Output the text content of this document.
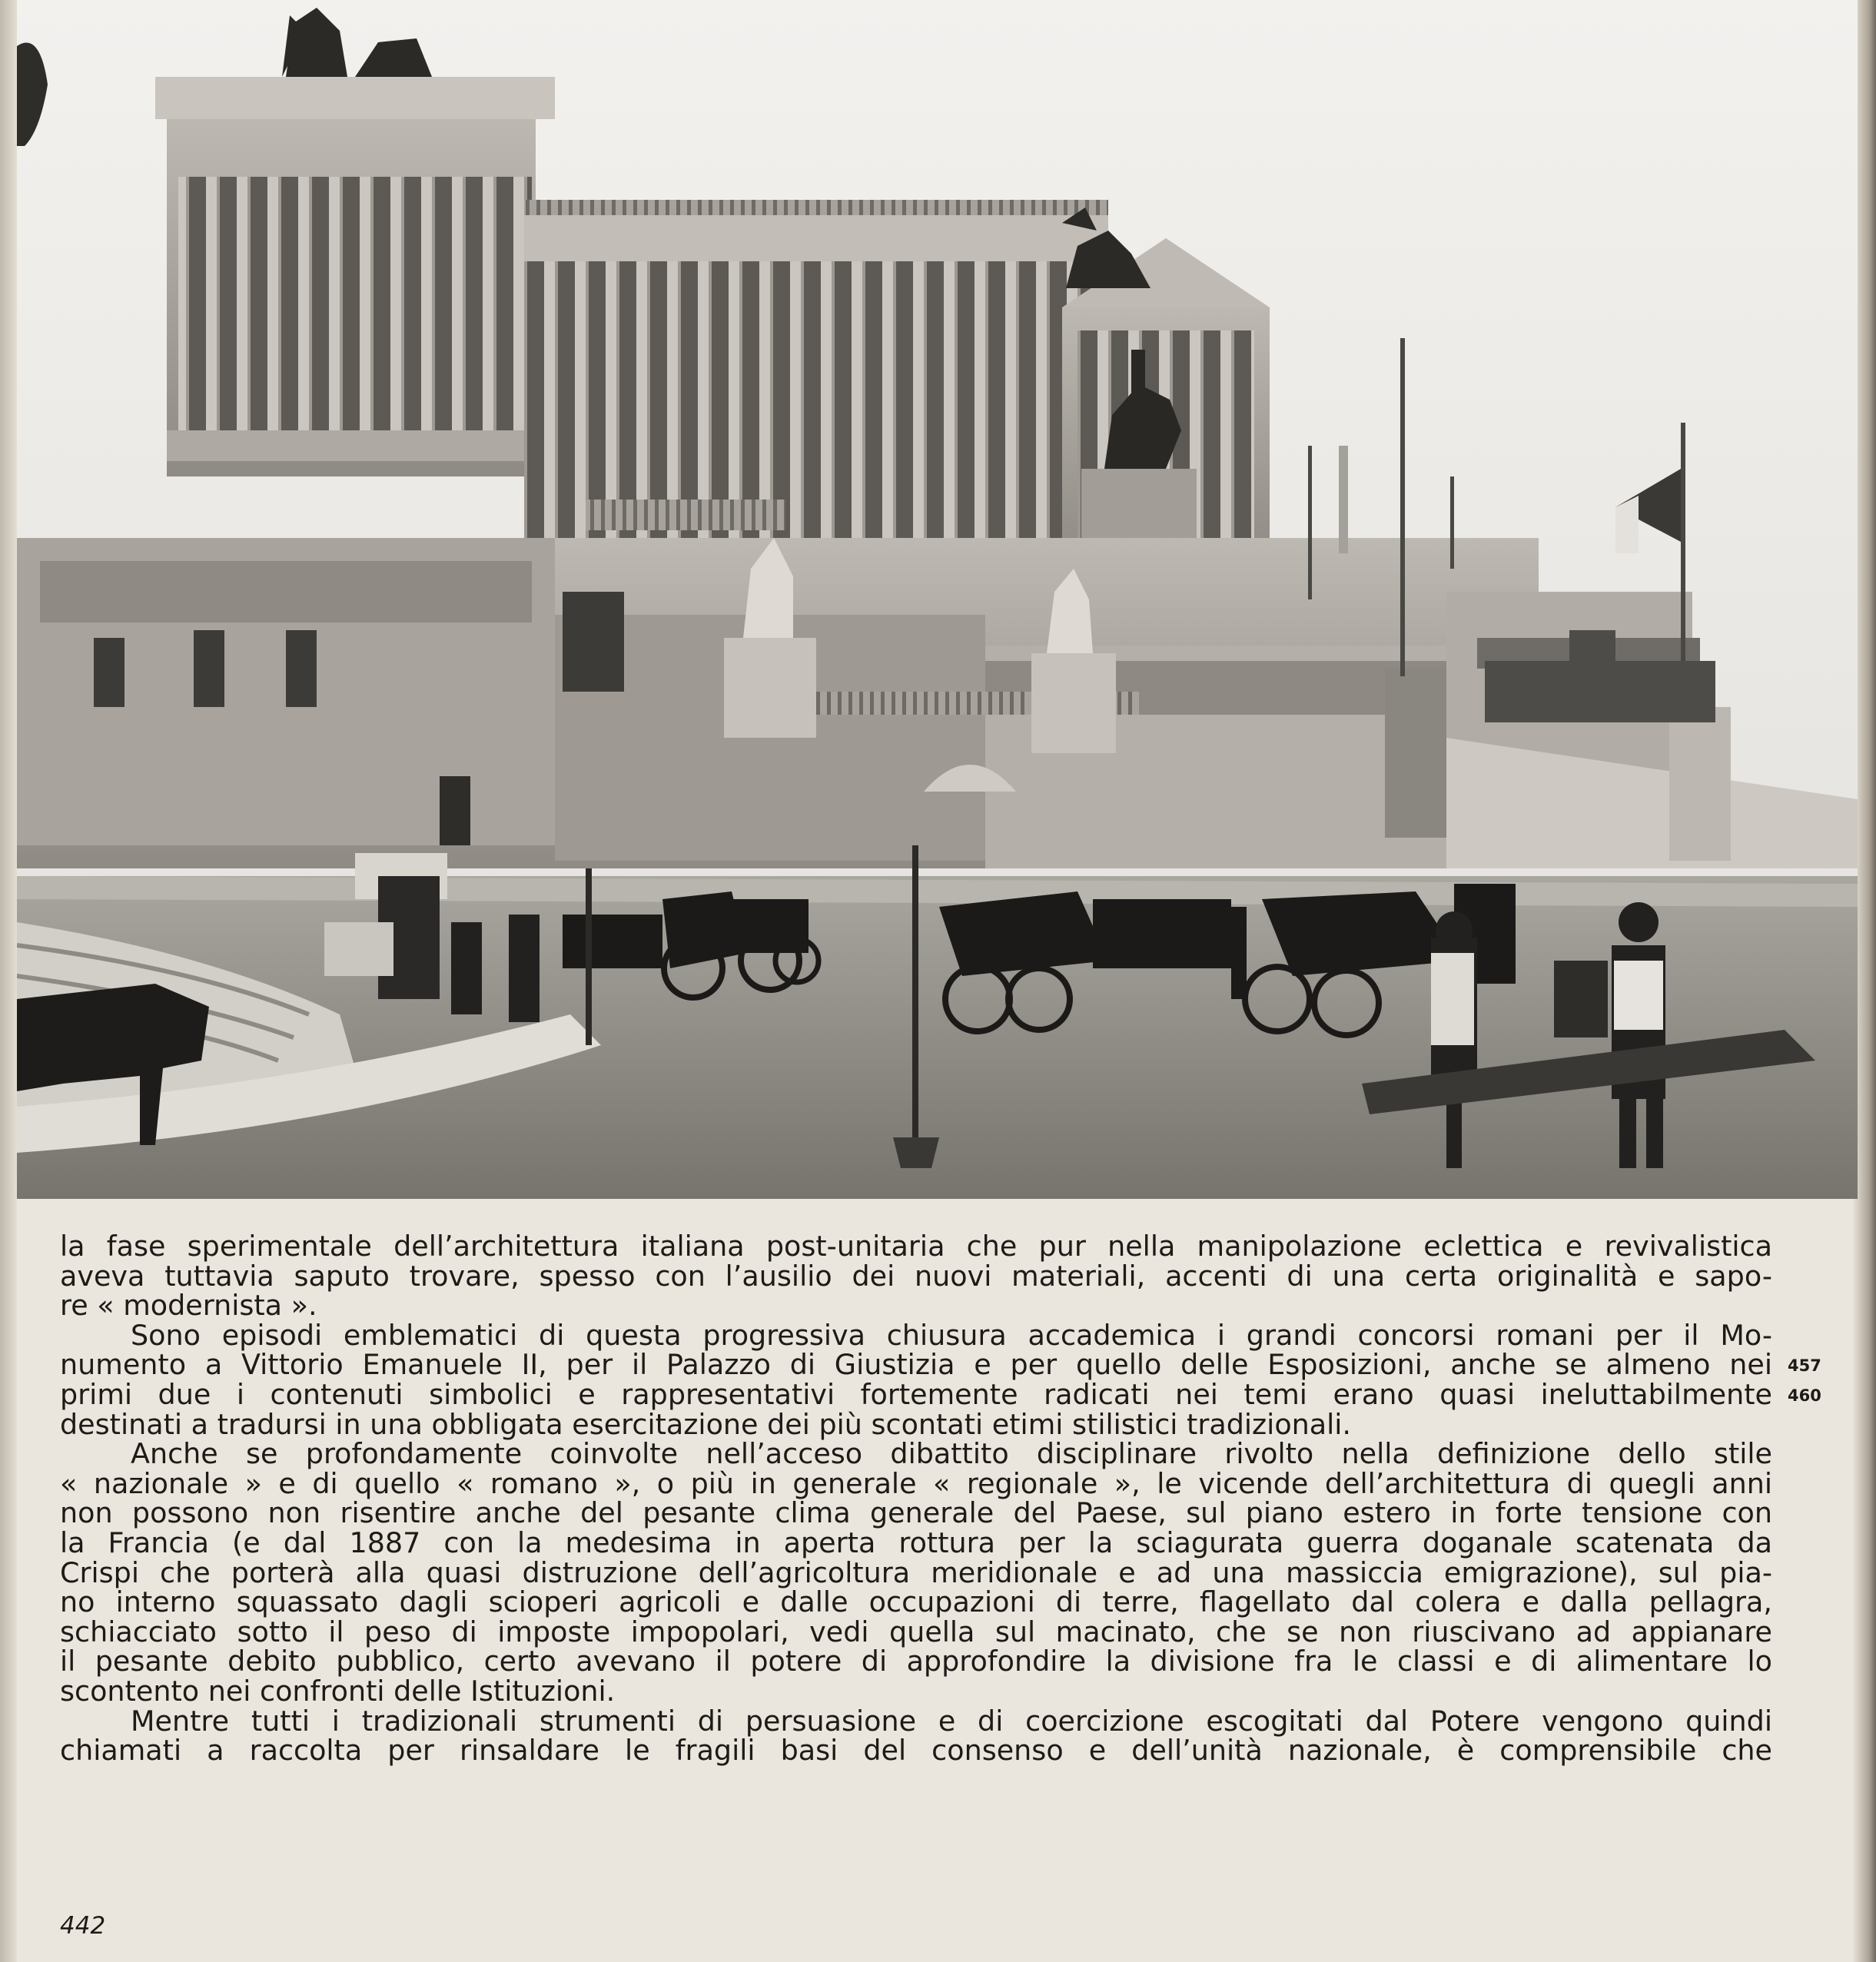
la fase sperimentale dell’architettura italiana post-unitaria che pur nella manipolazione eclettica e revivalistica
aveva tuttavia saputo trovare, spesso con l’ausilio dei nuovi materiali, accenti di una certa originalità e sapo-
re « modernista ».
Sono episodi emblematici di questa progressiva chiusura accademica i grandi concorsi romani per il Mo-
numento a Vittorio Emanuele II, per il Palazzo di Giustizia e per quello delle Esposizioni, anche se almeno nei
primi due i contenuti simbolici e rappresentativi fortemente radicati nei temi erano quasi ineluttabilmente
destinati a tradursi in una obbligata esercitazione dei più scontati etimi stilistici tradizionali.
Anche se profondamente coinvolte nell’acceso dibattito disciplinare rivolto nella definizione dello stile
« nazionale » e di quello « romano », o più in generale « regionale », le vicende dell’architettura di quegli anni
non possono non risentire anche del pesante clima generale del Paese, sul piano estero in forte tensione con
la Francia (e dal 1887 con la medesima in aperta rottura per la sciagurata guerra doganale scatenata da
Crispi che porterà alla quasi distruzione dell’agricoltura meridionale e ad una massiccia emigrazione), sul pia-
no interno squassato dagli scioperi agricoli e dalle occupazioni di terre, flagellato dal colera e dalla pellagra,
schiacciato sotto il peso di imposte impopolari, vedi quella sul macinato, che se non riuscivano ad appianare
il pesante debito pubblico, certo avevano il potere di approfondire la divisione fra le classi e di alimentare lo
scontento nei confronti delle Istituzioni.
Mentre tutti i tradizionali strumenti di persuasione e di coercizione escogitati dal Potere vengono quindi
chiamati a raccolta per rinsaldare le fragili basi del consenso e dell’unità nazionale, è comprensibile che
457
460
442
